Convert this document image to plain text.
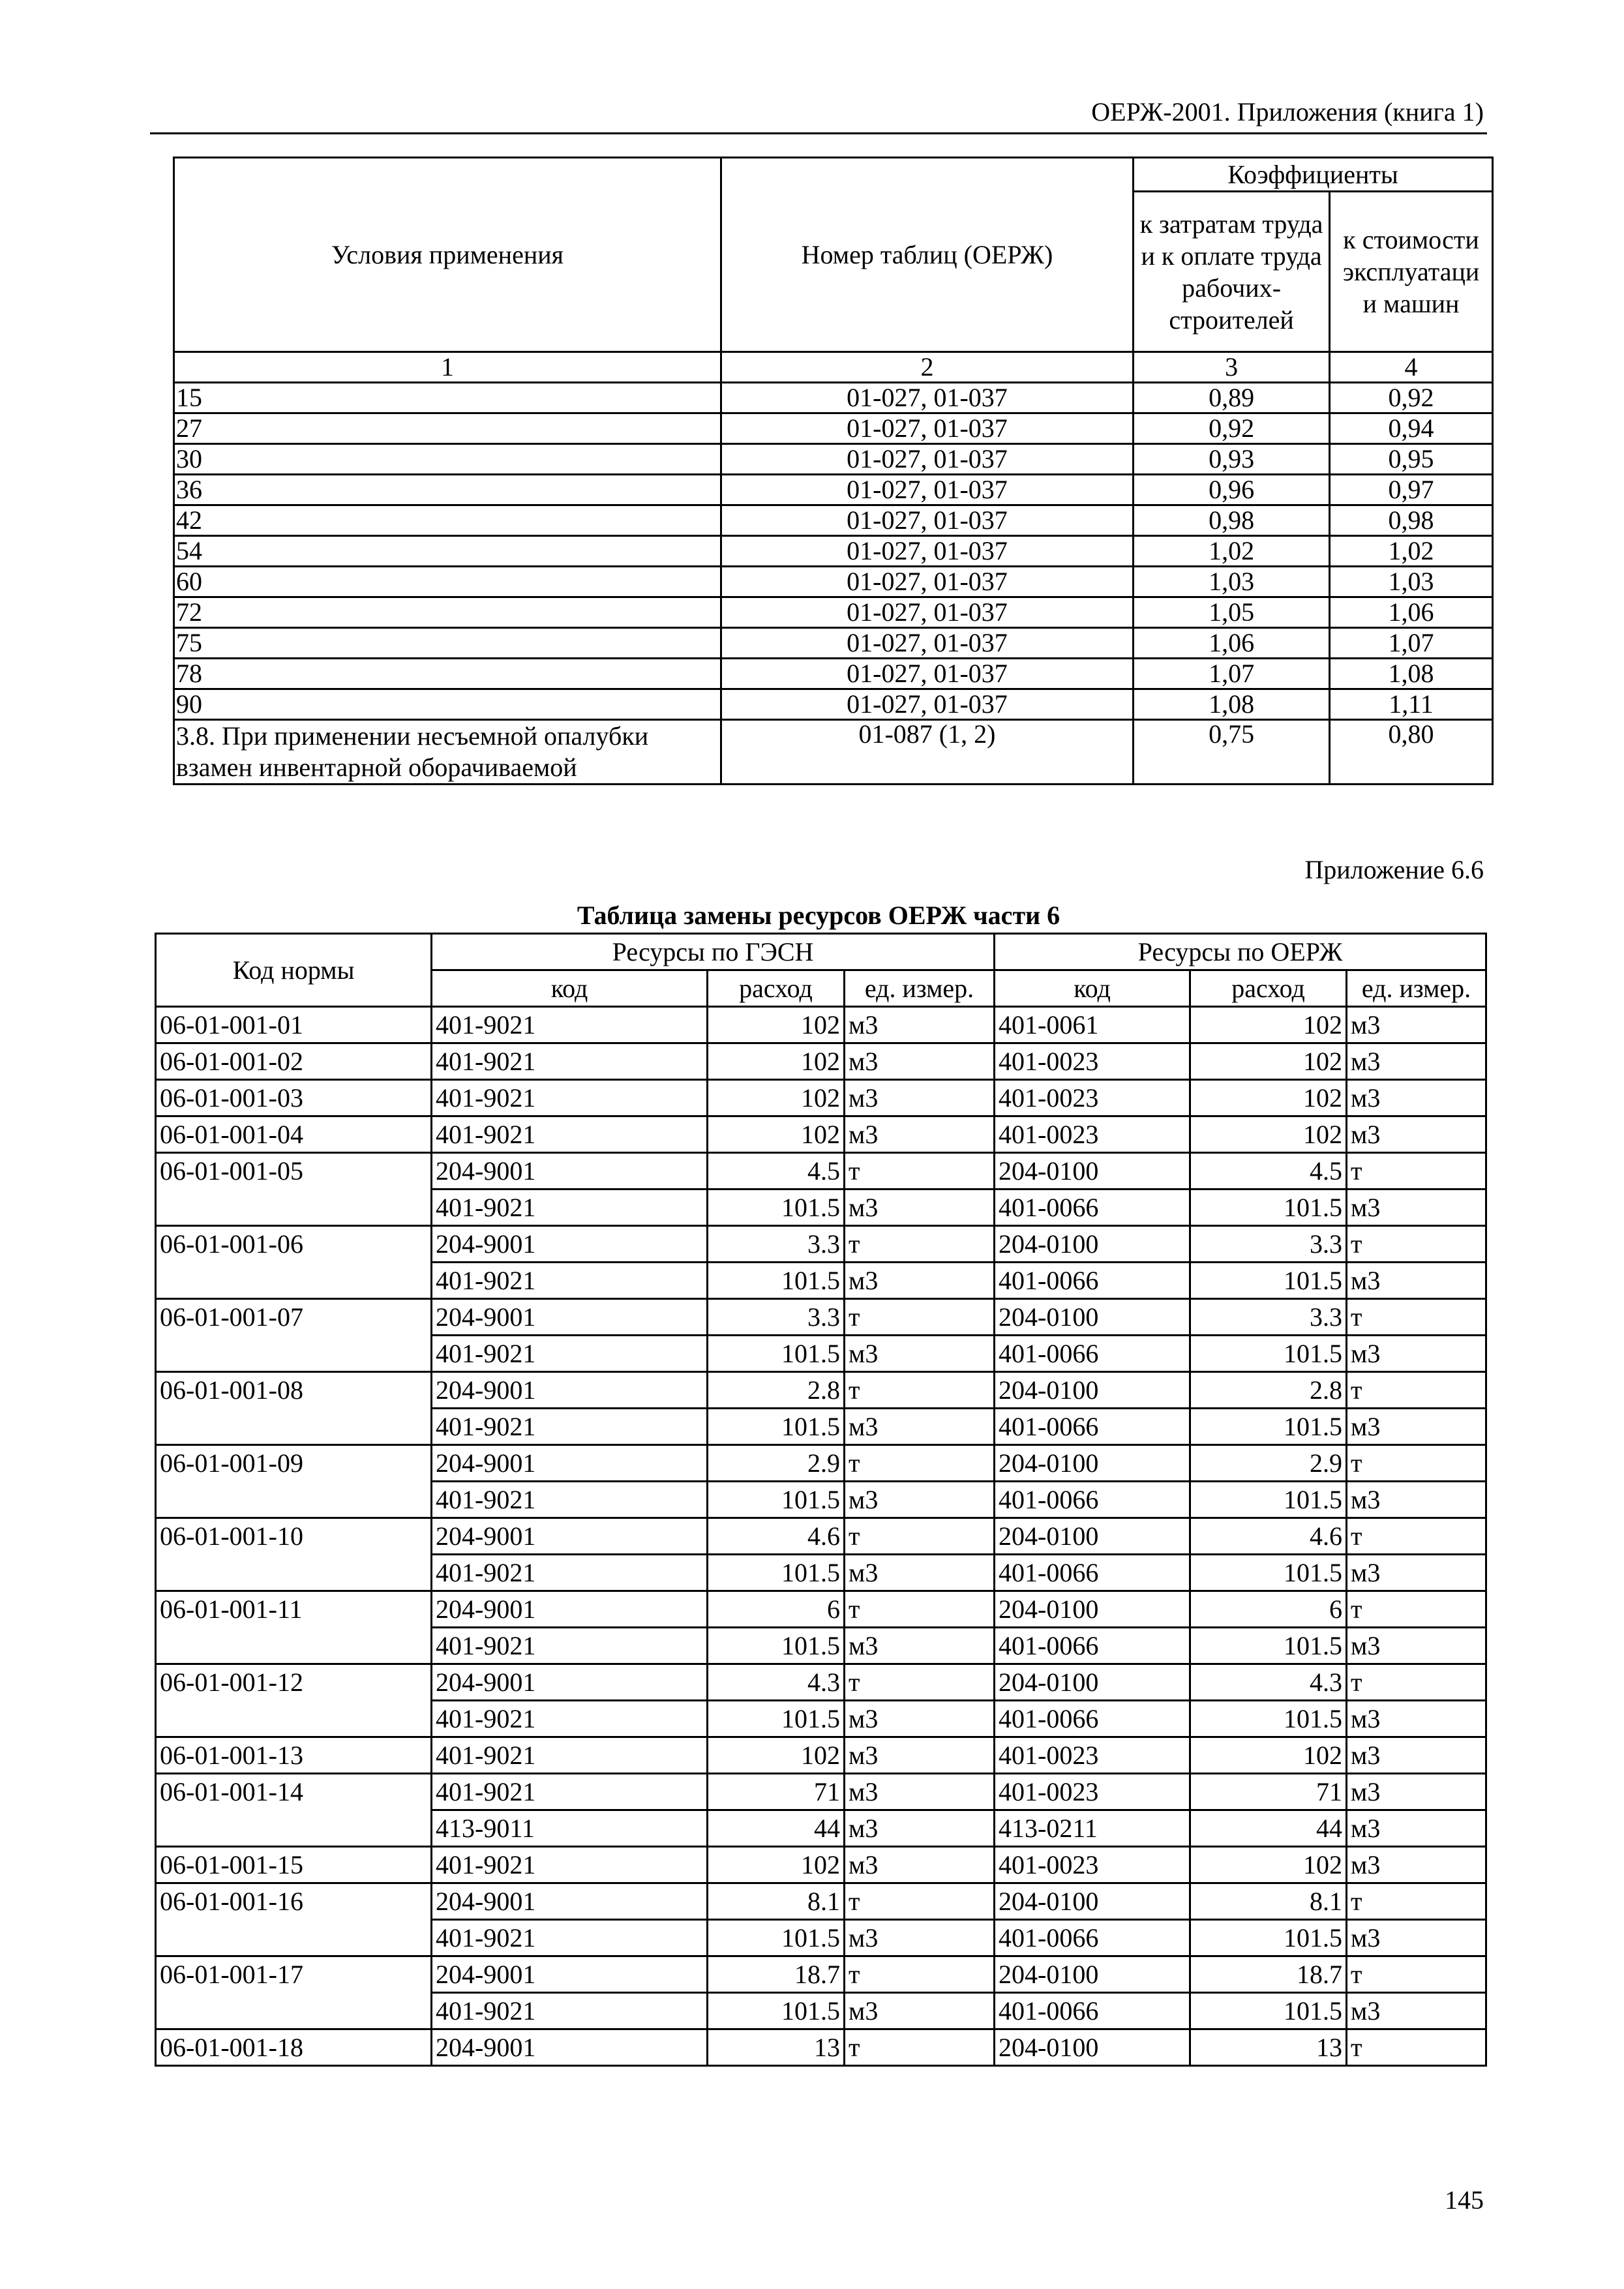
ОЕРЖ-2001. Приложения (книга 1)
Условия применения	Номер таблиц (ОЕРЖ)	Коэффициенты	
		к затратам труда и к оплате труда рабочих-строителей	к стоимости эксплуатаци и машин
1	2	3	4
15	01-027, 01-037	0,89	0,92
27	01-027, 01-037	0,92	0,94
30	01-027, 01-037	0,93	0,95
36	01-027, 01-037	0,96	0,97
42	01-027, 01-037	0,98	0,98
54	01-027, 01-037	1,02	1,02
60	01-027, 01-037	1,03	1,03
72	01-027, 01-037	1,05	1,06
75	01-027, 01-037	1,06	1,07
78	01-027, 01-037	1,07	1,08
90	01-027, 01-037	1,08	1,11
3.8. При применении несъемной опалубки взамен инвентарной оборачиваемой	01-087 (1, 2)	0,75	0,80
Приложение 6.6
Таблица замены ресурсов ОЕРЖ части 6
Код нормы	Ресурсы по ГЭСН			Ресурсы по ОЕРЖ		
	код	расход	ед. измер.	код	расход	ед. измер.
06-01-001-01	401-9021	102	м3	401-0061	102	м3
06-01-001-02	401-9021	102	м3	401-0023	102	м3
06-01-001-03	401-9021	102	м3	401-0023	102	м3
06-01-001-04	401-9021	102	м3	401-0023	102	м3
06-01-001-05	204-9001	4.5	т	204-0100	4.5	т
	401-9021	101.5	м3	401-0066	101.5	м3
06-01-001-06	204-9001	3.3	т	204-0100	3.3	т
	401-9021	101.5	м3	401-0066	101.5	м3
06-01-001-07	204-9001	3.3	т	204-0100	3.3	т
	401-9021	101.5	м3	401-0066	101.5	м3
06-01-001-08	204-9001	2.8	т	204-0100	2.8	т
	401-9021	101.5	м3	401-0066	101.5	м3
06-01-001-09	204-9001	2.9	т	204-0100	2.9	т
	401-9021	101.5	м3	401-0066	101.5	м3
06-01-001-10	204-9001	4.6	т	204-0100	4.6	т
	401-9021	101.5	м3	401-0066	101.5	м3
06-01-001-11	204-9001	6	т	204-0100	6	т
	401-9021	101.5	м3	401-0066	101.5	м3
06-01-001-12	204-9001	4.3	т	204-0100	4.3	т
	401-9021	101.5	м3	401-0066	101.5	м3
06-01-001-13	401-9021	102	м3	401-0023	102	м3
06-01-001-14	401-9021	71	м3	401-0023	71	м3
	413-9011	44	м3	413-0211	44	м3
06-01-001-15	401-9021	102	м3	401-0023	102	м3
06-01-001-16	204-9001	8.1	т	204-0100	8.1	т
	401-9021	101.5	м3	401-0066	101.5	м3
06-01-001-17	204-9001	18.7	т	204-0100	18.7	т
	401-9021	101.5	м3	401-0066	101.5	м3
06-01-001-18	204-9001	13	т	204-0100	13	т
145
